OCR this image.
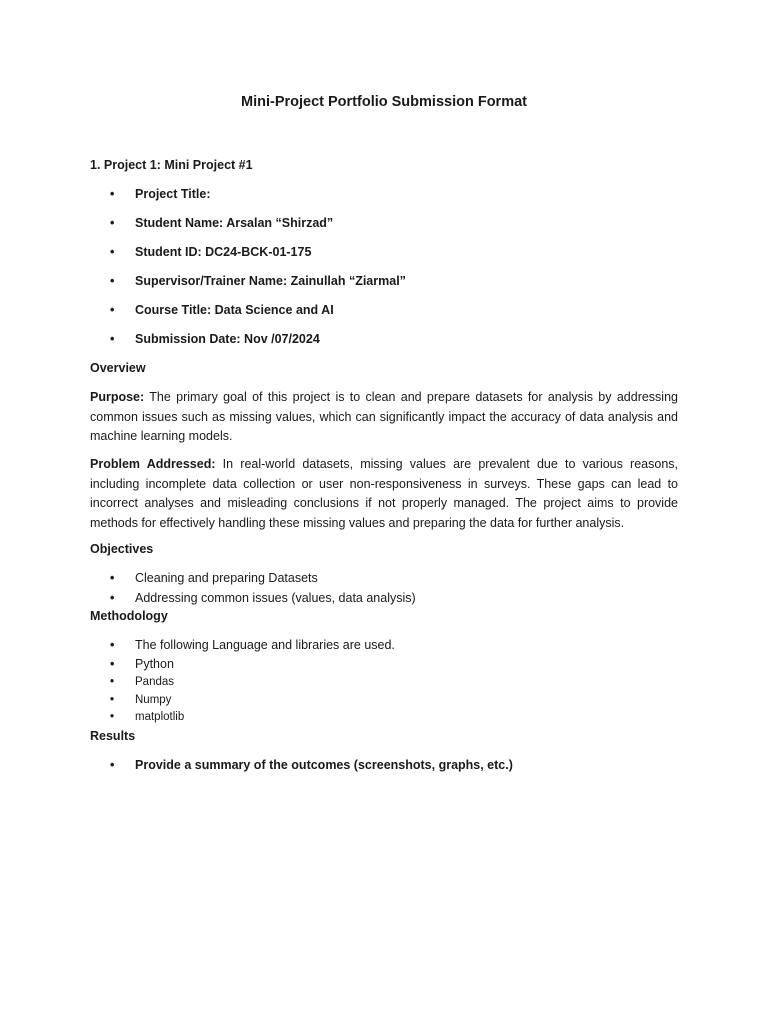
Mini-Project Portfolio Submission Format
1. Project 1: Mini Project #1
• Project Title:
• Student Name: Arsalan “Shirzad”
• Student ID: DC24-BCK-01-175
• Supervisor/Trainer Name: Zainullah “Ziarmal”
• Course Title: Data Science and AI
• Submission Date: Nov /07/2024
Overview
Purpose: The primary goal of this project is to clean and prepare datasets for analysis by addressing common issues such as missing values, which can significantly impact the accuracy of data analysis and machine learning models.
Problem Addressed: In real-world datasets, missing values are prevalent due to various reasons, including incomplete data collection or user non-responsiveness in surveys. These gaps can lead to incorrect analyses and misleading conclusions if not properly managed. The project aims to provide methods for effectively handling these missing values and preparing the data for further analysis.
Objectives
• Cleaning and preparing Datasets
• Addressing common issues (values, data analysis)
Methodology
• The following Language and libraries are used.
• Python
• Pandas
• Numpy
• matplotlib
Results
• Provide a summary of the outcomes (screenshots, graphs, etc.)
